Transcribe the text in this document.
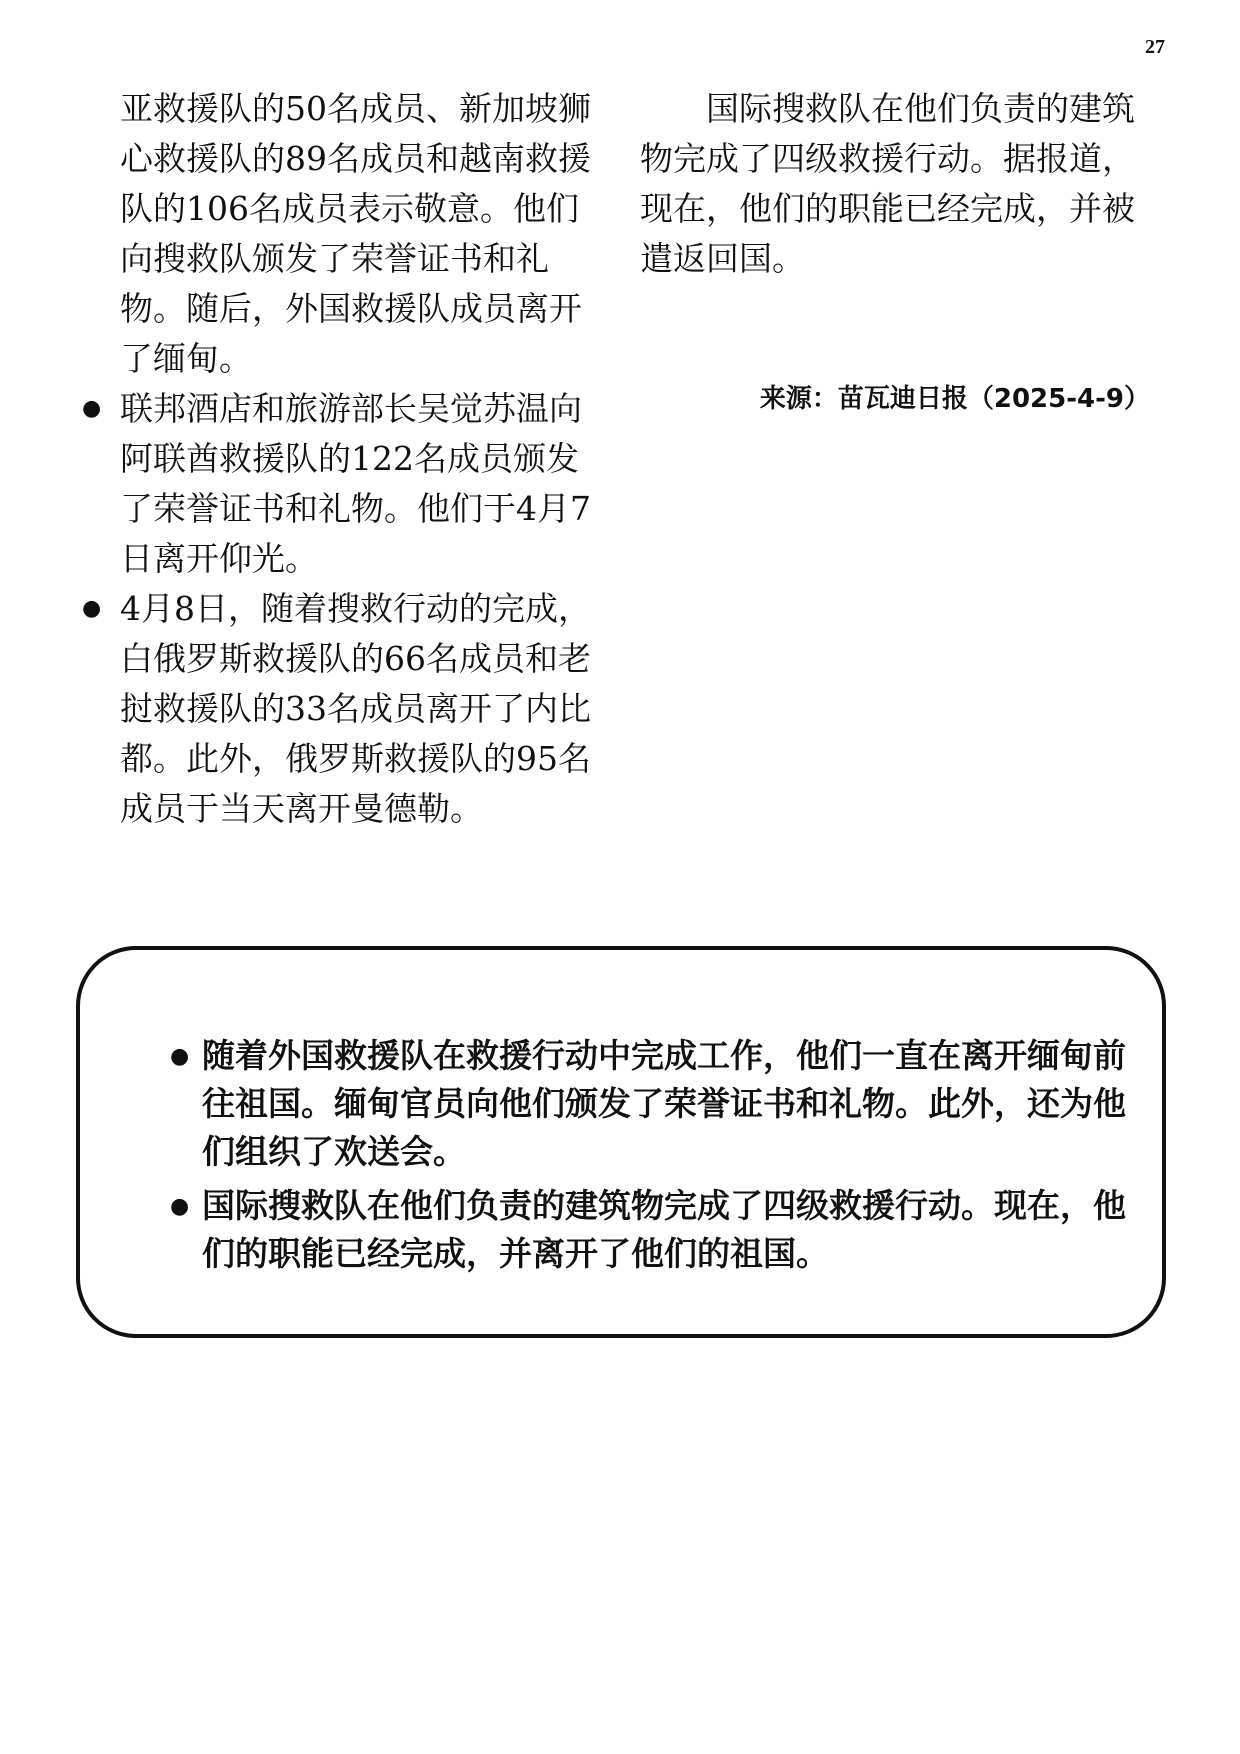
27

亚救援队的50名成员、新加坡狮心救援队的89名成员和越南救援队的106名成员表示敬意。他们向搜救队颁发了荣誉证书和礼物。随后，外国救援队成员离开了缅甸。

● 联邦酒店和旅游部长吴觉苏温向阿联酋救援队的122名成员颁发了荣誉证书和礼物。他们于4月7日离开仰光。
● 4月8日，随着搜救行动的完成，白俄罗斯救援队的66名成员和老挝救援队的33名成员离开了内比都。此外，俄罗斯救援队的95名成员于当天离开曼德勒。

国际搜救队在他们负责的建筑物完成了四级救援行动。据报道，现在，他们的职能已经完成，并被遣返回国。

来源：苗瓦迪日报（2025-4-9）
● 随着外国救援队在救援行动中完成工作，他们一直在离开缅甸前往祖国。缅甸官员向他们颁发了荣誉证书和礼物。此外，还为他们组织了欢送会。
● 国际搜救队在他们负责的建筑物完成了四级救援行动。现在，他们的职能已经完成，并离开了他们的祖国。
